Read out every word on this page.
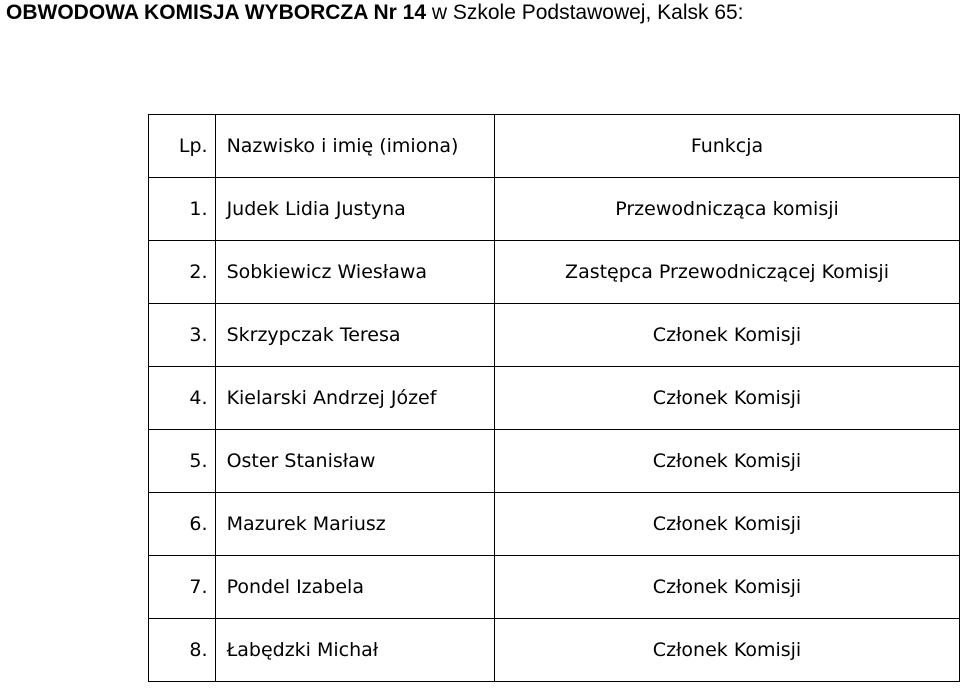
OBWODOWA KOMISJA WYBORCZA Nr 14 w Szkole Podstawowej, Kalsk 65:
Lp.	Nazwisko i imię (imiona)	Funkcja
1.	Judek Lidia Justyna	Przewodnicząca komisji
2.	Sobkiewicz Wiesława	Zastępca Przewodniczącej Komisji
3.	Skrzypczak Teresa	Członek Komisji
4.	Kielarski Andrzej Józef	Członek Komisji
5.	Oster Stanisław	Członek Komisji
6.	Mazurek Mariusz	Członek Komisji
7.	Pondel Izabela	Członek Komisji
8.	Łabędzki Michał	Członek Komisji
